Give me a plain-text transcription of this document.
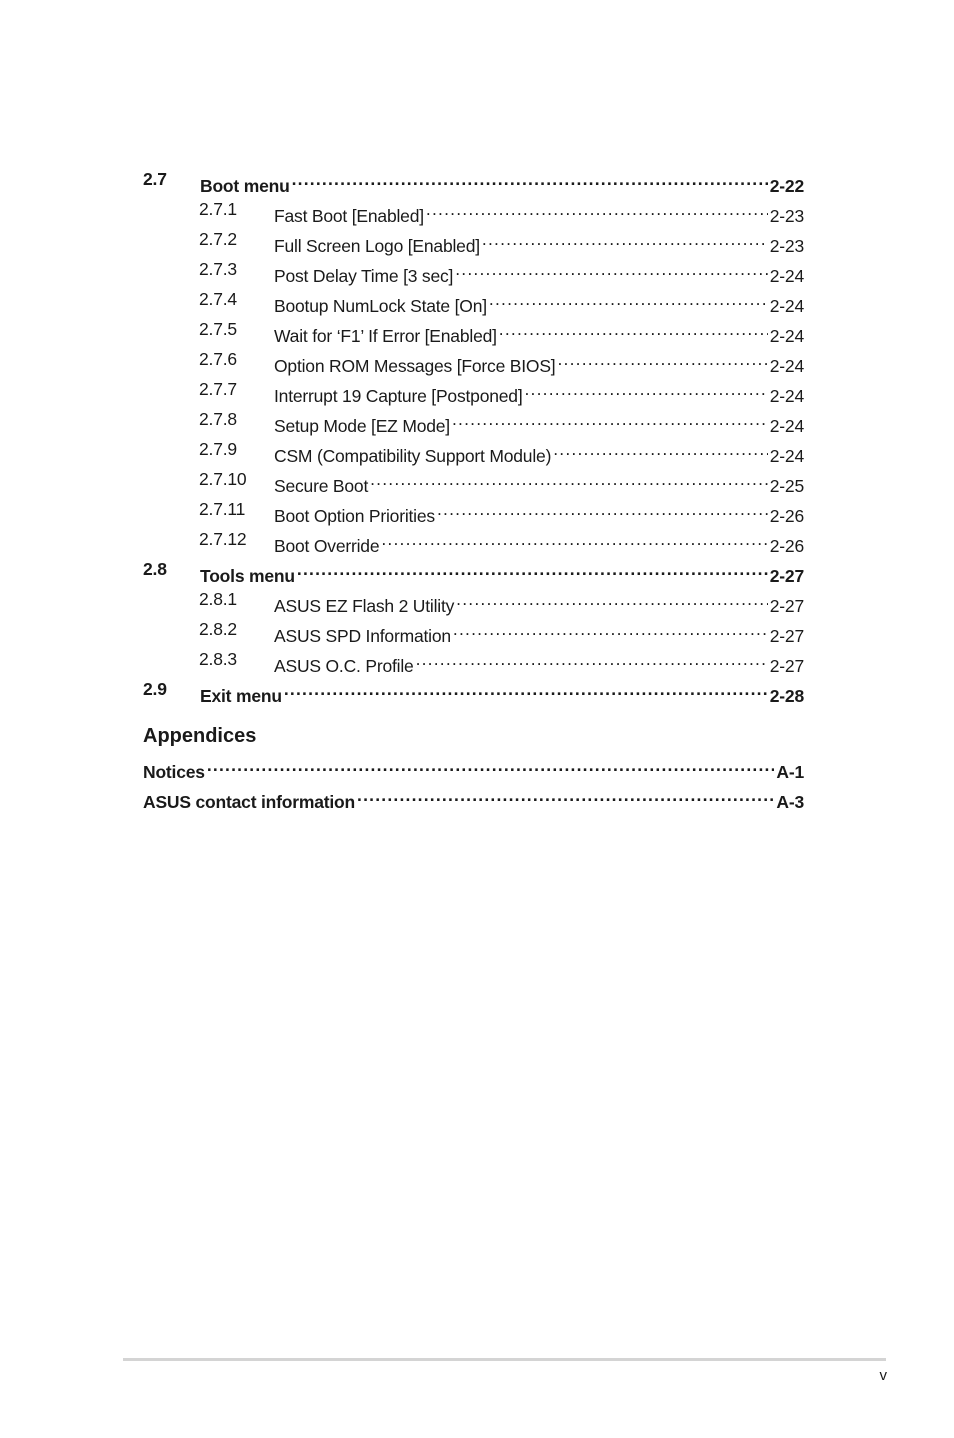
2.7 Boot menu .....	2-22
2.7.1 Fast Boot [Enabled] .....	2-23
2.7.2 Full Screen Logo [Enabled] .....	2-23
2.7.3 Post Delay Time [3 sec] .....	2-24
2.7.4 Bootup NumLock State [On] .....	2-24
2.7.5 Wait for ‘F1’ If Error [Enabled] .....	2-24
2.7.6 Option ROM Messages [Force BIOS] .....	2-24
2.7.7 Interrupt 19 Capture [Postponed] .....	2-24
2.7.8 Setup Mode [EZ Mode] .....	2-24
2.7.9 CSM (Compatibility Support Module) .....	2-24
2.7.10 Secure Boot .....	2-25
2.7.11 Boot Option Priorities .....	2-26
2.7.12 Boot Override .....	2-26
2.8 Tools menu .....	2-27
2.8.1 ASUS EZ Flash 2 Utility .....	2-27
2.8.2 ASUS SPD Information .....	2-27
2.8.3 ASUS O.C. Profile .....	2-27
2.9 Exit menu .....	2-28
Appendices
Notices .....	A-1
ASUS contact information .....	A-3
v
